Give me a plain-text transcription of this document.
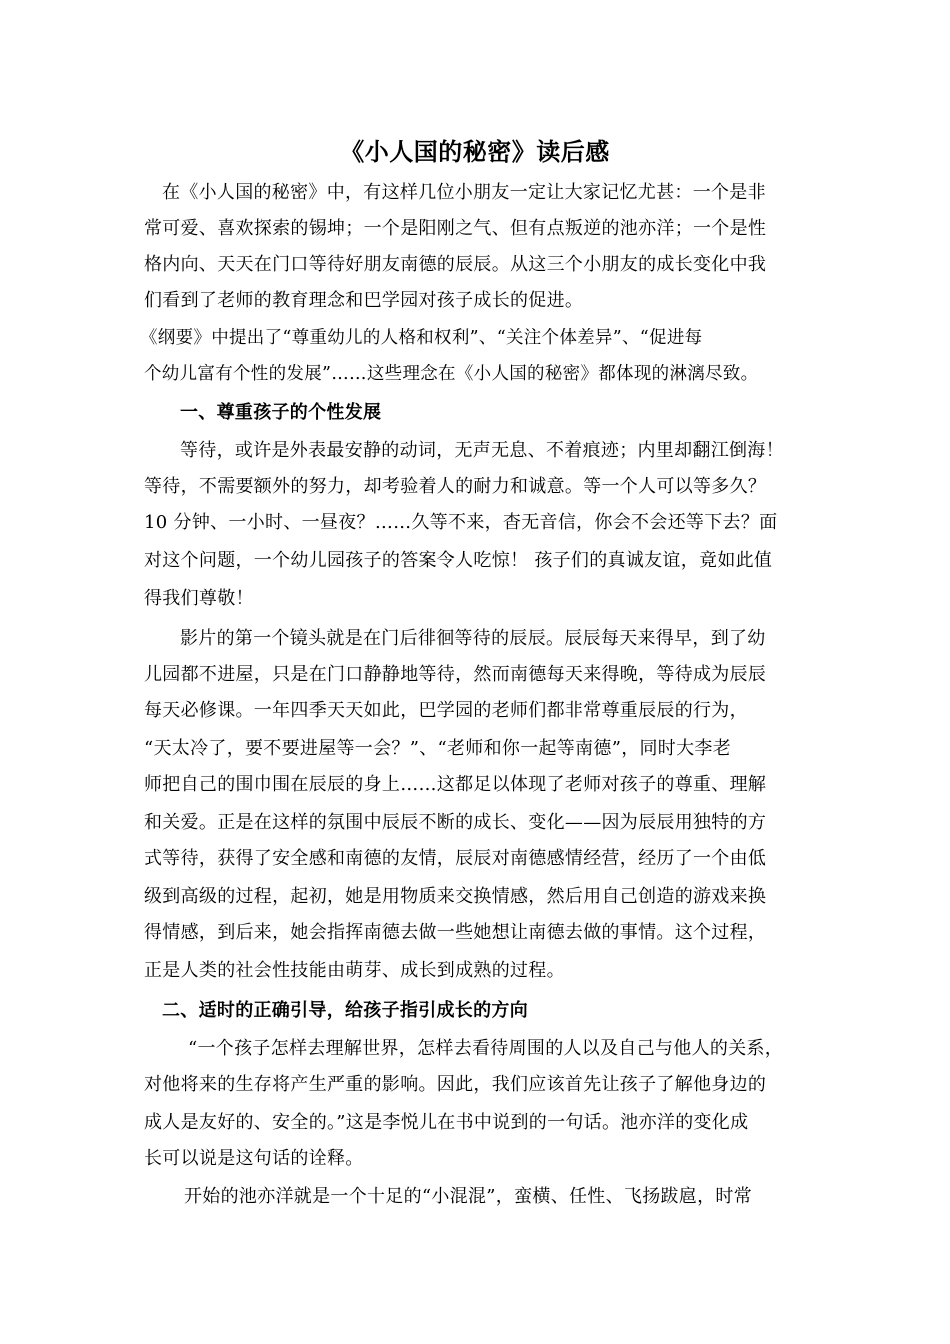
《小人国的秘密》读后感
在《小人国的秘密》中，有这样几位小朋友一定让大家记忆尤甚：一个是非
常可爱、喜欢探索的锡坤；一个是阳刚之气、但有点叛逆的池亦洋；一个是性
格内向、天天在门口等待好朋友南德的辰辰。从这三个小朋友的成长变化中我
们看到了老师的教育理念和巴学园对孩子成长的促进。
《纲要》中提出了“尊重幼儿的人格和权利”、“关注个体差异”、“促进每
个幼儿富有个性的发展”……这些理念在《小人国的秘密》都体现的淋漓尽致。
一、尊重孩子的个性发展
等待，或许是外表最安静的动词，无声无息、不着痕迹；内里却翻江倒海！
等待，不需要额外的努力，却考验着人的耐力和诚意。等一个人可以等多久？
10 分钟、一小时、一昼夜？……久等不来，杳无音信，你会不会还等下去？面
对这个问题，一个幼儿园孩子的答案令人吃惊！ 孩子们的真诚友谊，竟如此值
得我们尊敬！
影片的第一个镜头就是在门后徘徊等待的辰辰。辰辰每天来得早，到了幼
儿园都不进屋，只是在门口静静地等待，然而南德每天来得晚，等待成为辰辰
每天必修课。一年四季天天如此，巴学园的老师们都非常尊重辰辰的行为，
“天太冷了，要不要进屋等一会？”、“老师和你一起等南德”，同时大李老
师把自己的围巾围在辰辰的身上……这都足以体现了老师对孩子的尊重、理解
和关爱。正是在这样的氛围中辰辰不断的成长、变化——因为辰辰用独特的方
式等待，获得了安全感和南德的友情，辰辰对南德感情经营，经历了一个由低
级到高级的过程，起初，她是用物质来交换情感，然后用自己创造的游戏来换
得情感，到后来，她会指挥南德去做一些她想让南德去做的事情。这个过程，
正是人类的社会性技能由萌芽、成长到成熟的过程。
二、适时的正确引导，给孩子指引成长的方向
“一个孩子怎样去理解世界，怎样去看待周围的人以及自己与他人的关系，
对他将来的生存将产生严重的影响。因此，我们应该首先让孩子了解他身边的
成人是友好的、安全的。”这是李悦儿在书中说到的一句话。池亦洋的变化成
长可以说是这句话的诠释。
开始的池亦洋就是一个十足的“小混混”，蛮横、任性、飞扬跋扈，时常
